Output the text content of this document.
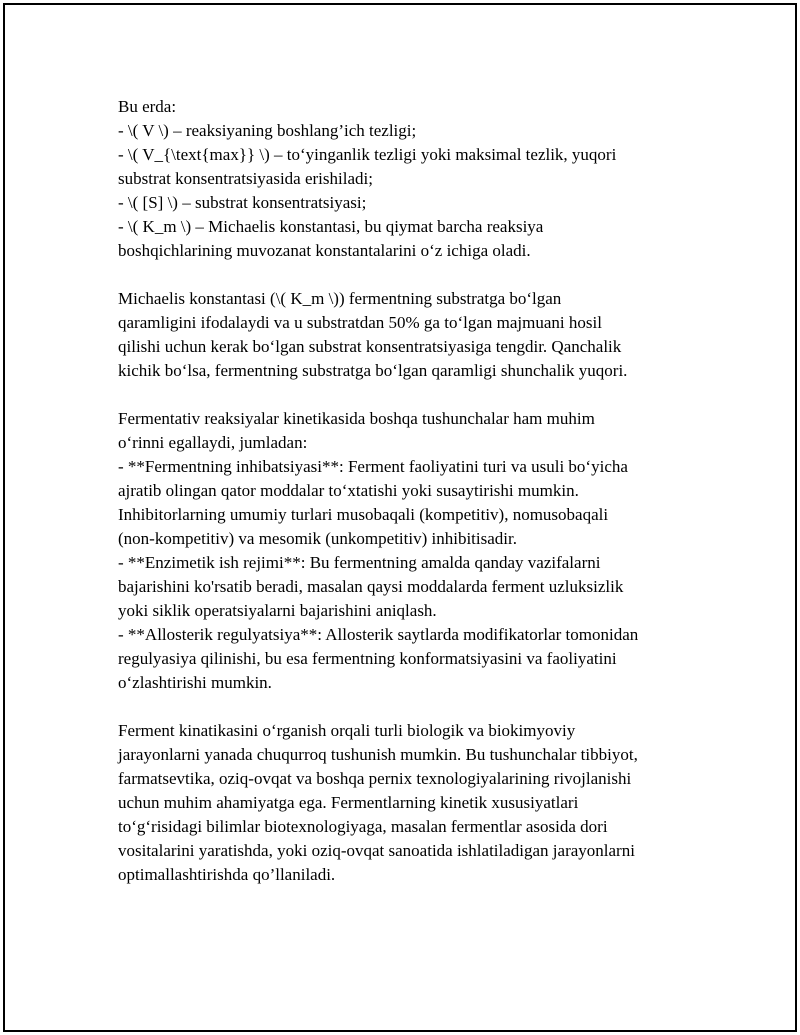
Bu erda:
- \( V \) – reaksiyaning boshlang’ich tezligi;
- \( V_{\text{max}} \) – to‘yinganlik tezligi yoki maksimal tezlik, yuqori
substrat konsentratsiyasida erishiladi;
- \( [S] \) – substrat konsentratsiyasi;
- \( K_m \) – Michaelis konstantasi, bu qiymat barcha reaksiya
boshqichlarining muvozanat konstantalarini o‘z ichiga oladi.

Michaelis konstantasi (\( K_m \)) fermentning substratga bo‘lgan
qaramligini ifodalaydi va u substratdan 50% ga to‘lgan majmuani hosil
qilishi uchun kerak bo‘lgan substrat konsentratsiyasiga tengdir. Qanchalik
kichik bo‘lsa, fermentning substratga bo‘lgan qaramligi shunchalik yuqori.

Fermentativ reaksiyalar kinetikasida boshqa tushunchalar ham muhim
o‘rinni egallaydi, jumladan:
- **Fermentning inhibatsiyasi**: Ferment faoliyatini turi va usuli bo‘yicha
ajratib olingan qator moddalar to‘xtatishi yoki susaytirishi mumkin.
Inhibitorlarning umumiy turlari musobaqali (kompetitiv), nomusobaqali
(non-kompetitiv) va mesomik (unkompetitiv) inhibitisadir.
- **Enzimetik ish rejimi**: Bu fermentning amalda qanday vazifalarni
bajarishini ko'rsatib beradi, masalan qaysi moddalarda ferment uzluksizlik
yoki siklik operatsiyalarni bajarishini aniqlash.
- **Allosterik regulyatsiya**: Allosterik saytlarda modifikatorlar tomonidan
regulyasiya qilinishi, bu esa fermentning konformatsiyasini va faoliyatini
o‘zlashtirishi mumkin.

Ferment kinatikasini o‘rganish orqali turli biologik va biokimyoviy
jarayonlarni yanada chuqurroq tushunish mumkin. Bu tushunchalar tibbiyot,
farmatsevtika, oziq-ovqat va boshqa pernix texnologiyalarining rivojlanishi
uchun muhim ahamiyatga ega. Fermentlarning kinetik xususiyatlari
to‘g‘risidagi bilimlar biotexnologiyaga, masalan fermentlar asosida dori
vositalarini yaratishda, yoki oziq-ovqat sanoatida ishlatiladigan jarayonlarni
optimallashtirishda qo’llaniladi.
